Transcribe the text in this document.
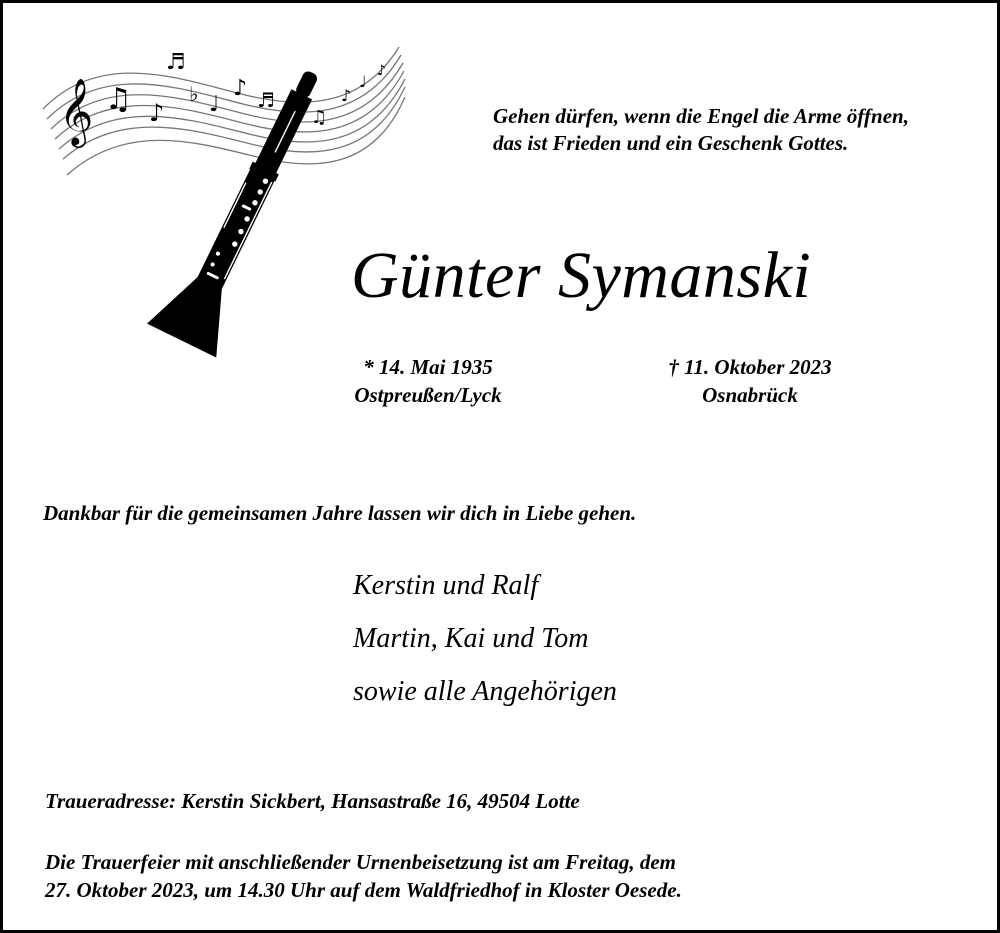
𝄞 ♫ ♪
♬
♭ ♩
♪ ♬
♫
♪
♩
♪
Gehen dürfen, wenn die Engel die Arme öffnen,
das ist Frieden und ein Geschenk Gottes.
Günter Symanski
* 14. Mai 1935
Ostpreußen/Lyck
† 11. Oktober 2023
Osnabrück
Dankbar für die gemeinsamen Jahre lassen wir dich in Liebe gehen.
Kerstin und Ralf
Martin, Kai und Tom
sowie alle Angehörigen
Traueradresse: Kerstin Sickbert, Hansastraße 16, 49504 Lotte
Die Trauerfeier mit anschließender Urnenbeisetzung ist am Freitag, dem
27. Oktober 2023, um 14.30 Uhr auf dem Waldfriedhof in Kloster Oesede.
